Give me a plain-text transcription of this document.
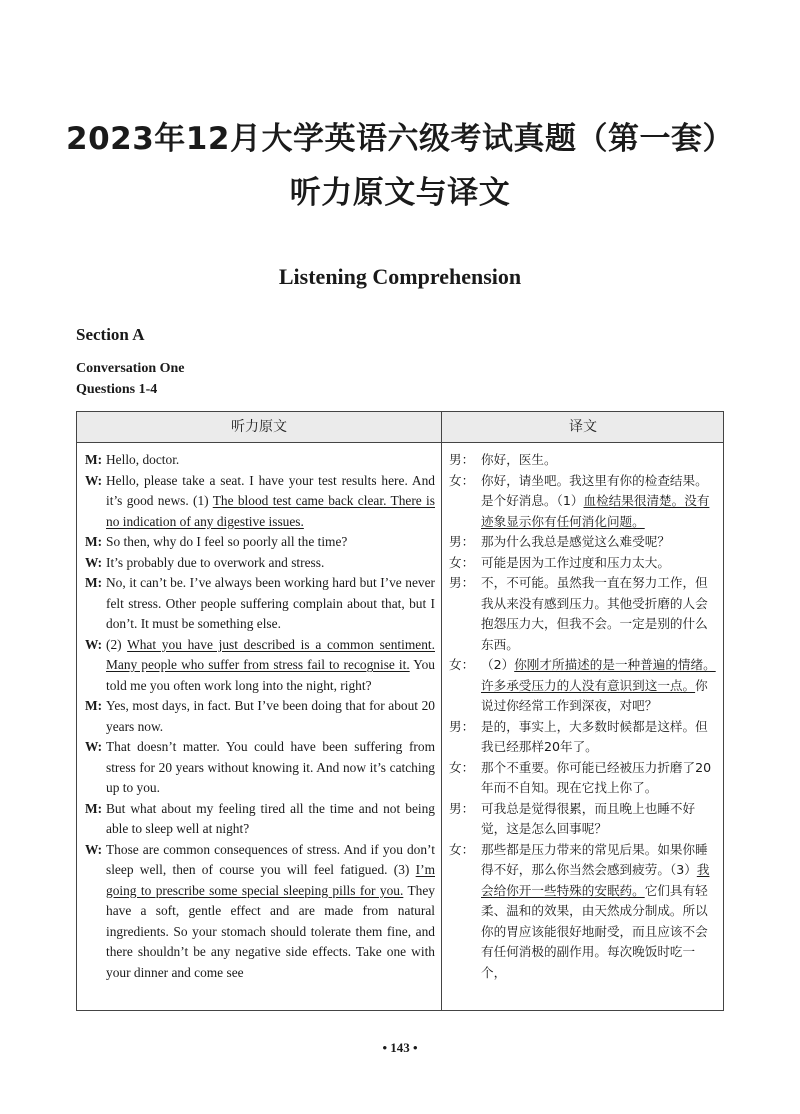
2023年12月大学英语六级考试真题（第一套）
听力原文与译文
Listening Comprehension
Section A
Conversation One
Questions 1-4
听力原文	译文
M: Hello, doctor.
W: Hello, please take a seat. I have your test results here. And it’s good news. (1) The blood test came back clear. There is no indication of any digestive issues.
M: So then, why do I feel so poorly all the time?
W: It’s probably due to overwork and stress.
M: No, it can’t be. I’ve always been working hard but I’ve never felt stress. Other people suffering complain about that, but I don’t. It must be something else.
W: (2) What you have just described is a common sentiment. Many people who suffer from stress fail to recognise it. You told me you often work long into the night, right?
M: Yes, most days, in fact. But I’ve been doing that for about 20 years now.
W: That doesn’t matter. You could have been suffering from stress for 20 years without knowing it. And now it’s catching up to you.
M: But what about my feeling tired all the time and not being able to sleep well at night?
W: Those are common consequences of stress. And if you don’t sleep well, then of course you will feel fatigued. (3) I’m going to prescribe some special sleeping pills for you. They have a soft, gentle effect and are made from natural ingredients. So your stomach should tolerate them fine, and there shouldn’t be any negative side effects. Take one with your dinner and come see
男： 你好，医生。
女： 你好，请坐吧。我这里有你的检查结果。是个好消息。（1）血检结果很清楚。没有迹象显示你有任何消化问题。
男： 那为什么我总是感觉这么难受呢？
女： 可能是因为工作过度和压力太大。
男： 不，不可能。虽然我一直在努力工作，但我从来没有感到压力。其他受折磨的人会抱怨压力大，但我不会。一定是别的什么东西。
女： （2）你刚才所描述的是一种普遍的情绪。许多承受压力的人没有意识到这一点。你说过你经常工作到深夜，对吧？
男： 是的，事实上，大多数时候都是这样。但我已经那样20年了。
女： 那个不重要。你可能已经被压力折磨了20年而不自知。现在它找上你了。
男： 可我总是觉得很累，而且晚上也睡不好觉，这是怎么回事呢？
女： 那些都是压力带来的常见后果。如果你睡得不好，那么你当然会感到疲劳。（3）我会给你开一些特殊的安眠药。它们具有轻柔、温和的效果，由天然成分制成。所以你的胃应该能很好地耐受，而且应该不会有任何消极的副作用。每次晚饭时吃一个，
• 143 •
